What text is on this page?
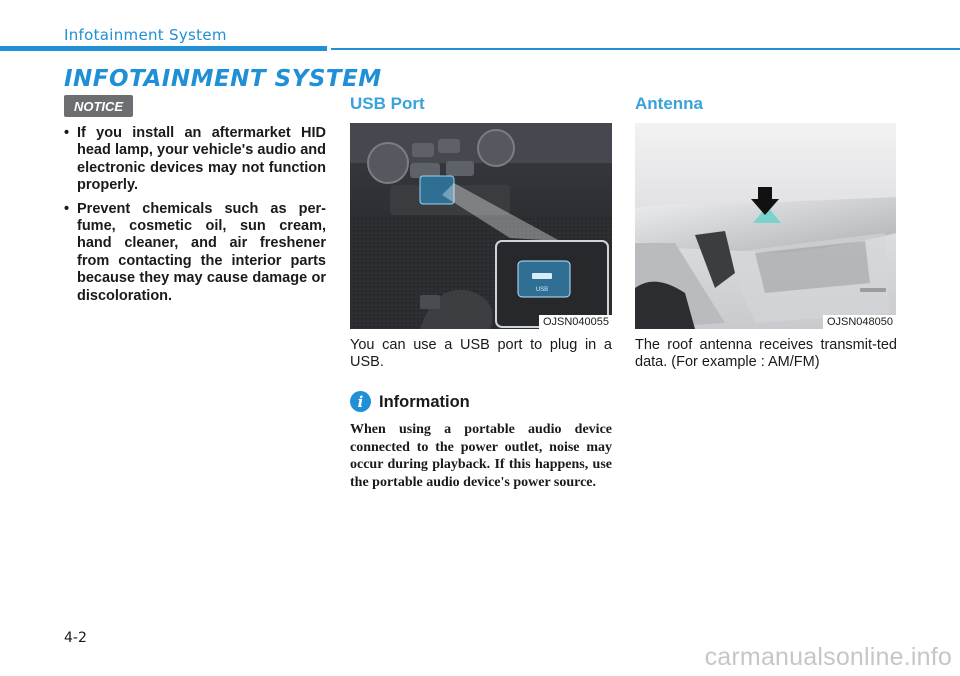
Infotainment System
INFOTAINMENT SYSTEM
NOTICE
• If you install an aftermarket HID head lamp, your vehicle's audio and electronic devices may not function properly.
• Prevent chemicals such as per-fume, cosmetic oil, sun cream, hand cleaner, and air freshener from contacting the interior parts because they may cause damage or discoloration.
USB Port
USB
OJSN040055
You can use a USB port to plug in a USB.
i Information
When using a portable audio device connected to the power outlet, noise may occur during playback. If this happens, use the portable audio device's power source.
Antenna
OJSN048050
The roof antenna receives transmit-ted data. (For example : AM/FM)
4-2
carmanualsonline.info
